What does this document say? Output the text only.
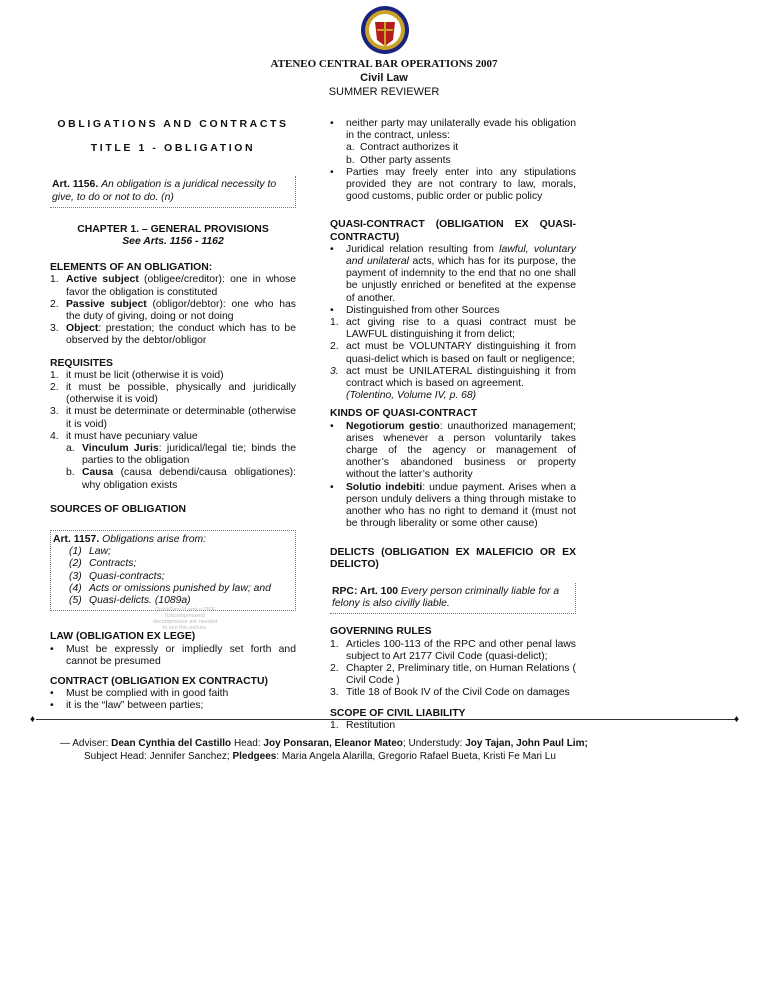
ATENEO CENTRAL BAR OPERATIONS 2007
Civil Law
SUMMER REVIEWER
OBLIGATIONS AND CONTRACTS
TITLE 1 - OBLIGATION
Art. 1156. An obligation is a juridical necessity to give, to do or not to do. (n)
CHAPTER 1. – GENERAL PROVISIONS
See Arts. 1156 - 1162
ELEMENTS OF AN OBLIGATION:
1. Active subject (obligee/creditor): one in whose favor the obligation is constituted
2. Passive subject (obligor/debtor): one who has the duty of giving, doing or not doing
3. Object: prestation; the conduct which has to be observed by the debtor/obligor
REQUISITES
1. it must be licit (otherwise it is void)
2. it must be possible, physically and juridically (otherwise it is void)
3. it must be determinate or determinable (otherwise it is void)
4. it must have pecuniary value
a. Vinculum Juris: juridical/legal tie; binds the parties to the obligation
b. Causa (causa debendi/causa obligationes): why obligation exists
SOURCES OF OBLIGATION
Art. 1157. Obligations arise from:
(1) Law;
(2) Contracts;
(3) Quasi-contracts;
(4) Acts or omissions punished by law; and
(5) Quasi-delicts. (1089a)
LAW (OBLIGATION EX LEGE)
•	Must be expressly or impliedly set forth and cannot be presumed
CONTRACT (OBLIGATION EX CONTRACTU)
•	Must be complied with in good faith
•	it is the “law” between parties;
QuickTime™ and a TIFF (Uncompressed) decompressor are needed to see this picture.
•	neither party may unilaterally evade his obligation in the contract, unless:
a. Contract authorizes it
b. Other party assents
•	Parties may freely enter into any stipulations provided they are not contrary to law, morals, good customs, public order or public policy
QUASI-CONTRACT (OBLIGATION EX QUASI-CONTRACTU)
•	Juridical relation resulting from lawful, voluntary and unilateral acts, which has for its purpose, the payment of indemnity to the end that no one shall be unjustly enriched or benefited at the expense of another.
•	Distinguished from other Sources
1. act giving rise to a quasi contract must be LAWFUL distinguishing it from delict;
2. act must be VOLUNTARY distinguishing it from quasi-delict which is based on fault or negligence;
3. act must be UNILATERAL distinguishing it from contract which is based on agreement.
(Tolentino, Volume IV, p. 68)
KINDS OF QUASI-CONTRACT
•	Negotiorum gestio: unauthorized management; arises whenever a person voluntarily takes charge of the agency or management of another’s abandoned business or property without the latter’s authority
•	Solutio indebiti: undue payment. Arises when a person unduly delivers a thing through mistake to another who has no right to demand it (must not be through liberality or some other cause)
DELICTS (OBLIGATION EX MALEFICIO OR EX DELICTO)
RPC: Art. 100 Every person criminally liable for a felony is also civilly liable.
GOVERNING RULES
1. Articles 100-113 of the RPC and other penal laws subject to Art 2177 Civil Code (quasi-delict);
2. Chapter 2, Preliminary title, on Human Relations ( Civil Code )
3. Title 18 of Book IV of the Civil Code on damages
SCOPE OF CIVIL LIABILITY
1. Restitution
♦	♦
— Adviser: Dean Cynthia del Castillo Head: Joy Ponsaran, Eleanor Mateo; Understudy: Joy Tajan, John Paul Lim;
Subject Head: Jennifer Sanchez; Pledgees: Maria Angela Alarilla, Gregorio Rafael Bueta, Kristi Fe Mari Lu
